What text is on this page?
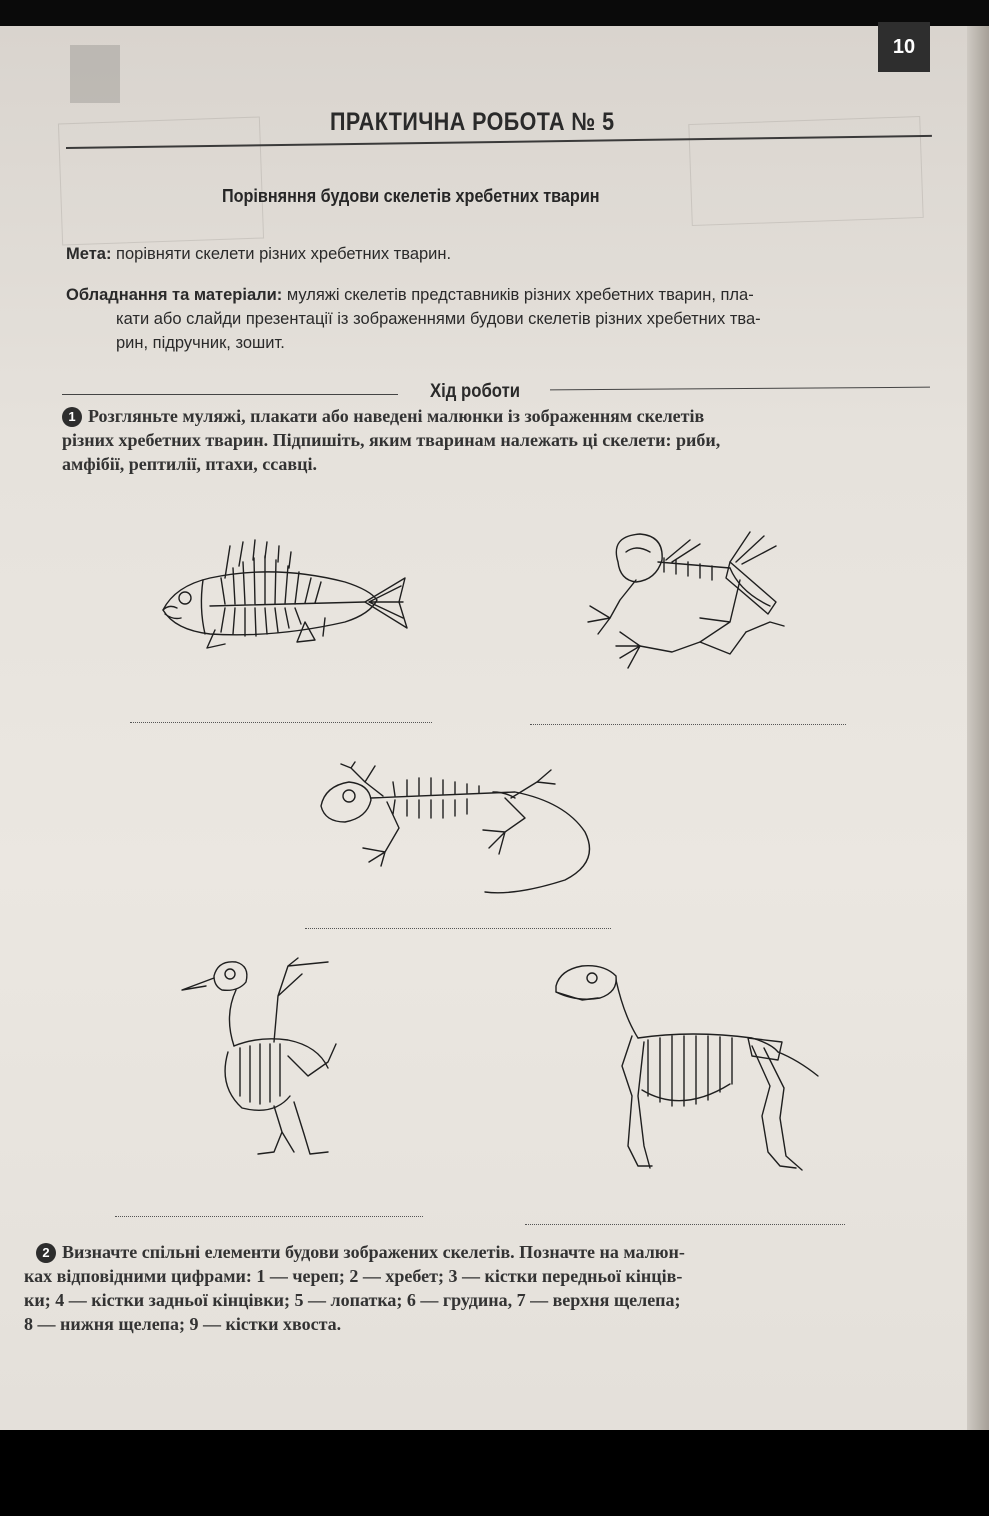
10
ПРАКТИЧНА РОБОТА № 5
Порівняння будови скелетів хребетних тварин
Мета: порівняти скелети різних хребетних тварин.
Обладнання та матеріали: муляжі скелетів представників різних хребетних тварин, пла-
кати або слайди презентації із зображеннями будови скелетів різних хребетних тва-
рин, підручник, зошит.
Хід роботи
1 Розгляньте муляжі, плакати або наведені малюнки із зображенням скелетів
різних хребетних тварин. Підпишіть, яким тваринам належать ці скелети: риби,
амфібії, рептилії, птахи, ссавці.
2 Визначте спільні елементи будови зображених скелетів. Позначте на малюн-
ках відповідними цифрами: 1 — череп; 2 — хребет; 3 — кістки передньої кінців-
ки; 4 — кістки задньої кінцівки; 5 — лопатка; 6 — грудина, 7 — верхня щелепа;
8 — нижня щелепа; 9 — кістки хвоста.
